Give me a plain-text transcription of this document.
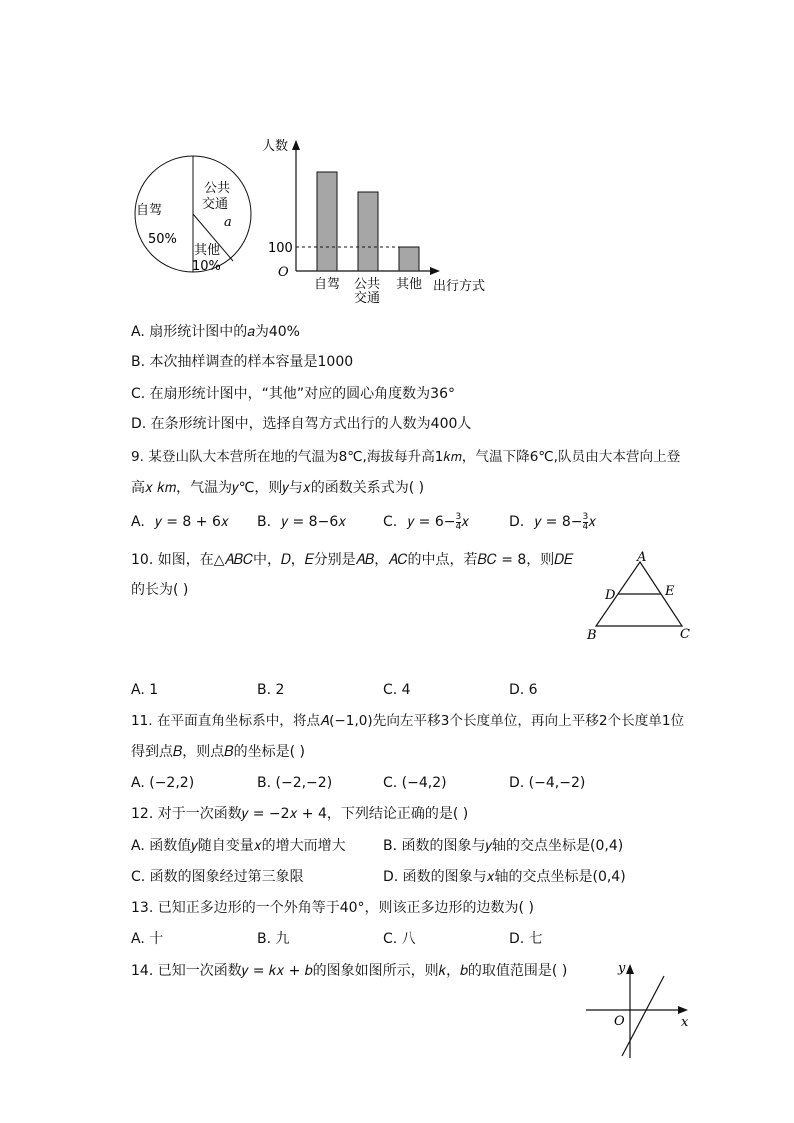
自驾
50%
公共
交通
a
其他
10%
人数
100
O
自驾 公共
交通
其他 出行方式
A. 扇形统计图中的𝑎为40%
B. 本次抽样调查的样本容量是1000
C. 在扇形统计图中，“其他”对应的圆心角度数为36°
D. 在条形统计图中，选择自驾方式出行的人数为400人
9. 某登山队大本营所在地的气温为8℃,海拔每升高1𝑘𝑚，气温下降6℃,队员由大本营向上登
高𝑥 𝑘𝑚，气温为𝑦℃，则𝑦与𝑥的函数关系式为( )
A. 𝑦 = 8 + 6𝑥 B. 𝑦 = 8−6𝑥	C. 𝑦 = $6- \frac{3}{4}$ 𝑥	D. 𝑦 = $8- \frac{3}{4}$ 𝑥
10. 如图，在△𝐴𝐵𝐶中，𝐷，𝐸分别是𝐴𝐵，𝐴𝐶的中点，若𝐵𝐶 = 8，则𝐷𝐸
的长为( )
A
B	C
D	E
A. 1	B. 2	C. 4	D. 6
11. 在平面直角坐标系中，将点𝐴(−1,0)先向左平移3个长度单位，再向上平移2个长度单1位
得到点𝐵，则点𝐵的坐标是( )
A. (−2,2)	B. (−2,−2)	C. (−4,2)	D. (−4,−2)
12. 对于一次函数𝑦 = −2𝑥 + 4，下列结论正确的是( )
A. 函数值𝑦随自变量𝑥的增大而增大	B. 函数的图象与𝑦轴的交点坐标是(0,4)
C. 函数的图象经过第三象限	D. 函数的图象与𝑥轴的交点坐标是(0,4)
13. 已知正多边形的一个外角等于40°，则该正多边形的边数为( )
A. 十	B. 九	C. 八	D. 七
14. 已知一次函数𝑦 = 𝑘𝑥 + 𝑏的图象如图所示，则𝑘，𝑏的取值范围是( )	y
x
O
